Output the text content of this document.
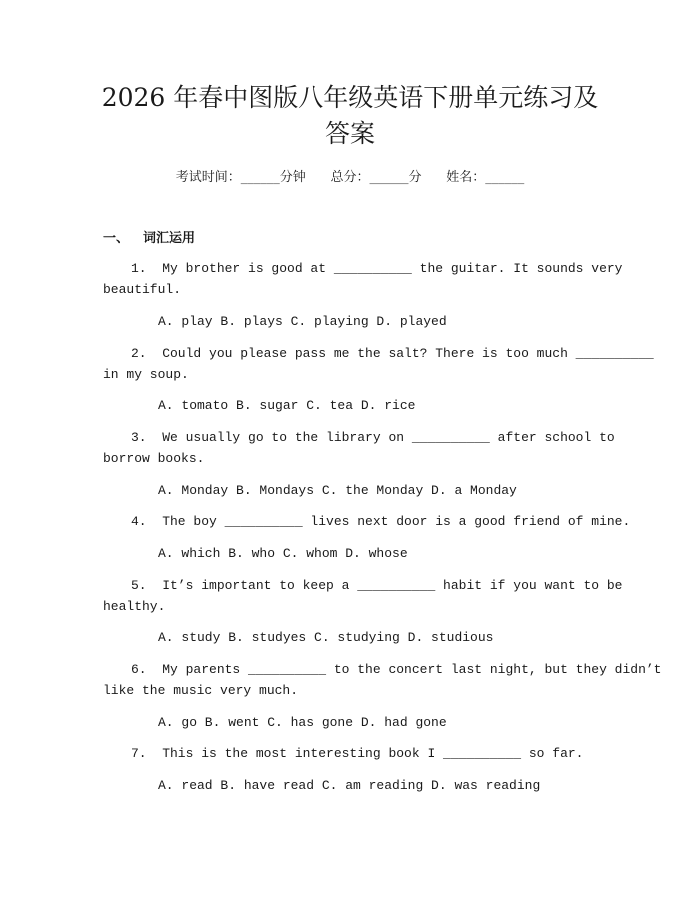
2026 年春中图版八年级英语下册单元练习及
答案
考试时间：______分钟      总分：______分      姓名：______
一、 词汇运用
1.  My brother is good at __________ the guitar. It sounds very
beautiful.
A. play B. plays C. playing D. played
2.  Could you please pass me the salt? There is too much __________
in my soup.
A. tomato B. sugar C. tea D. rice
3.  We usually go to the library on __________ after school to
borrow books.
A. Monday B. Mondays C. the Monday D. a Monday
4.  The boy __________ lives next door is a good friend of mine.
A. which B. who C. whom D. whose
5.  It’s important to keep a __________ habit if you want to be
healthy.
A. study B. studyes C. studying D. studious
6.  My parents __________ to the concert last night, but they didn’t
like the music very much.
A. go B. went C. has gone D. had gone
7.  This is the most interesting book I __________ so far.
A. read B. have read C. am reading D. was reading
